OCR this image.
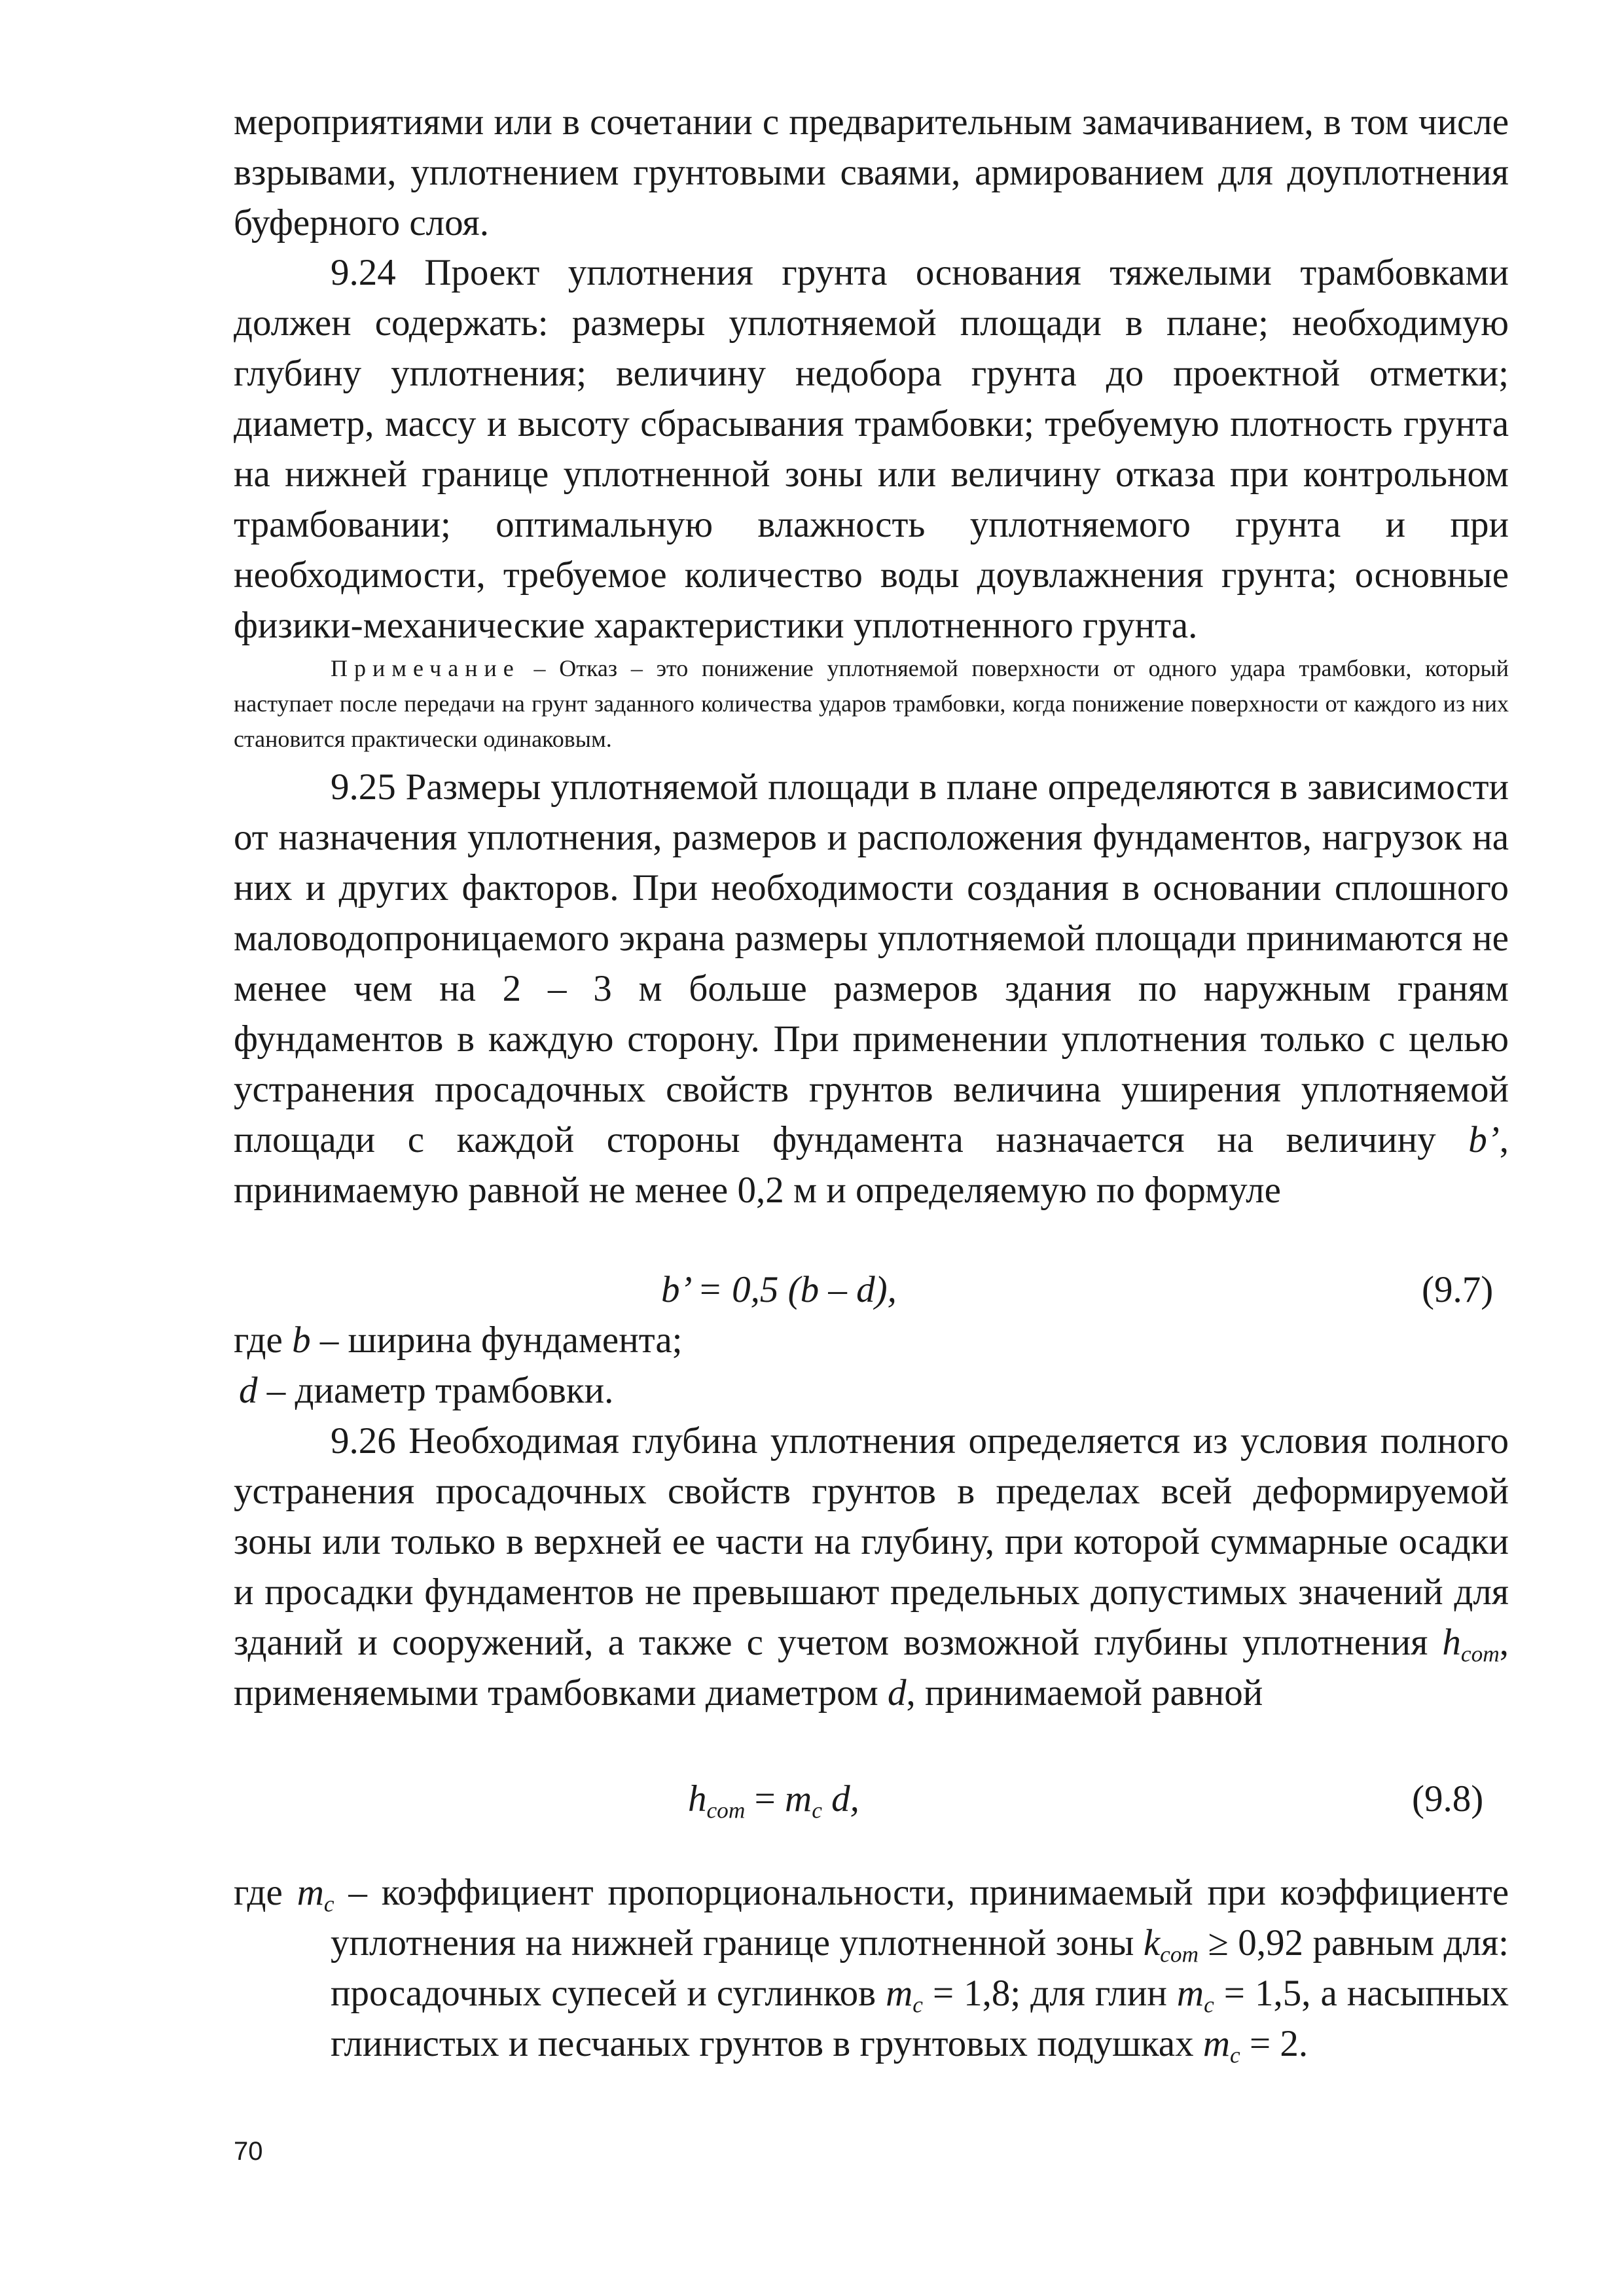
мероприятиями или в сочетании с предварительным замачиванием, в том числе взрывами, уплотнением грунтовыми сваями, армированием для доуплотнения буферного слоя.
9.24 Проект уплотнения грунта основания тяжелыми трамбовками должен содержать: размеры уплотняемой площади в плане; необходимую глубину уплотнения; величину недобора грунта до проектной отметки; диаметр, массу и высоту сбрасывания трамбовки; требуемую плотность грунта на нижней границе уплотненной зоны или величину отказа при контрольном трамбовании; оптимальную влажность уплотняемого грунта и при необходимости, требуемое количество воды доувлажнения грунта; основные физики-механические характеристики уплотненного грунта.
Примечание – Отказ – это понижение уплотняемой поверхности от одного удара трамбовки, который наступает после передачи на грунт заданного количества ударов трамбовки, когда понижение поверхности от каждого из них становится практически одинаковым.
9.25 Размеры уплотняемой площади в плане определяются в зависимости от назначения уплотнения, размеров и расположения фундаментов, нагрузок на них и других факторов. При необходимости создания в основании сплошного маловодопроницаемого экрана размеры уплотняемой площади принимаются не менее чем на 2 – 3 м больше размеров здания по наружным граням фундаментов в каждую сторону. При применении уплотнения только с целью устранения просадочных свойств грунтов величина уширения уплотняемой площади с каждой стороны фундамента назначается на величину b’, принимаемую равной не менее 0,2 м и определяемую по формуле
b’ = 0,5 (b – d),	(9.7)
где b – ширина фундамента;
d – диаметр трамбовки.
9.26 Необходимая глубина уплотнения определяется из условия полного устранения просадочных свойств грунтов в пределах всей деформируемой зоны или только в верхней ее части на глубину, при которой суммарные осадки и просадки фундаментов не превышают предельных допустимых значений для зданий и сооружений, а также с учетом возможной глубины уплотнения $h_{com}$, применяемыми трамбовками диаметром d, принимаемой равной
$h_{com} = m_c$ d,	(9.8)
где $m_c$ – коэффициент пропорциональности, принимаемый при коэффициенте уплотнения на нижней границе уплотненной зоны $k_{com} \ge 0,92$ равным для: просадочных супесей и суглинков $m_c = 1,8$; для глин $m_c = 1,5$, а насыпных глинистых и песчаных грунтов в грунтовых подушках $m_c = 2$.
70
